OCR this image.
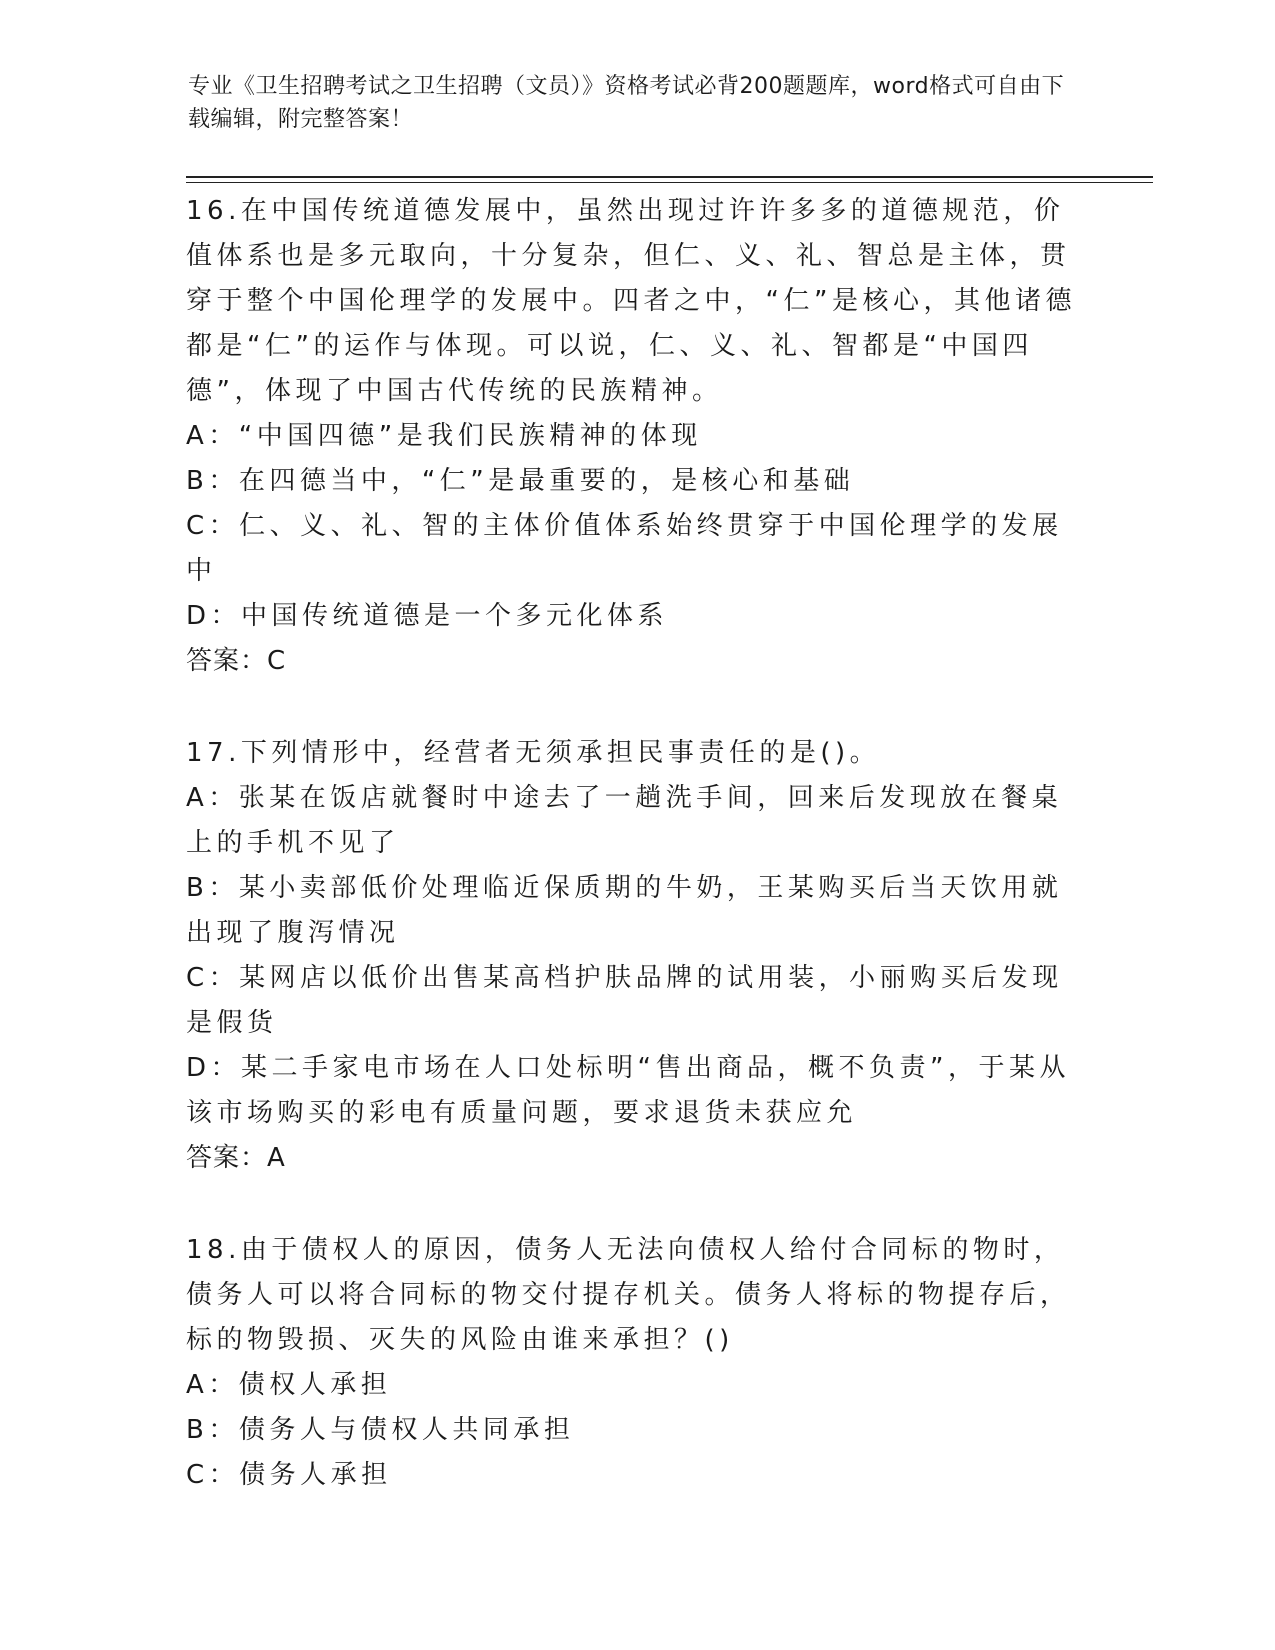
专业《卫生招聘考试之卫生招聘（文员）》资格考试必背200题题库，word格式可自由下载编辑，附完整答案！

16.在中国传统道德发展中，虽然出现过许许多多的道德规范，价值体系也是多元取向，十分复杂，但仁、义、礼、智总是主体，贯穿于整个中国伦理学的发展中。四者之中，“仁”是核心，其他诸德都是“仁”的运作与体现。可以说，仁、义、礼、智都是“中国四德”，体现了中国古代传统的民族精神。

A：“中国四德”是我们民族精神的体现

B：在四德当中，“仁”是最重要的，是核心和基础

C：仁、义、礼、智的主体价值体系始终贯穿于中国伦理学的发展中

D：中国传统道德是一个多元化体系

答案：C

17.下列情形中，经营者无须承担民事责任的是()。

A：张某在饭店就餐时中途去了一趟洗手间，回来后发现放在餐桌上的手机不见了

B：某小卖部低价处理临近保质期的牛奶，王某购买后当天饮用就出现了腹泻情况

C：某网店以低价出售某高档护肤品牌的试用装，小丽购买后发现是假货

D：某二手家电市场在人口处标明“售出商品，概不负责”，于某从该市场购买的彩电有质量问题，要求退货未获应允

答案：A

18.由于债权人的原因，债务人无法向债权人给付合同标的物时，债务人可以将合同标的物交付提存机关。债务人将标的物提存后，标的物毁损、灭失的风险由谁来承担？()

A：债权人承担

B：债务人与债权人共同承担

C：债务人承担
